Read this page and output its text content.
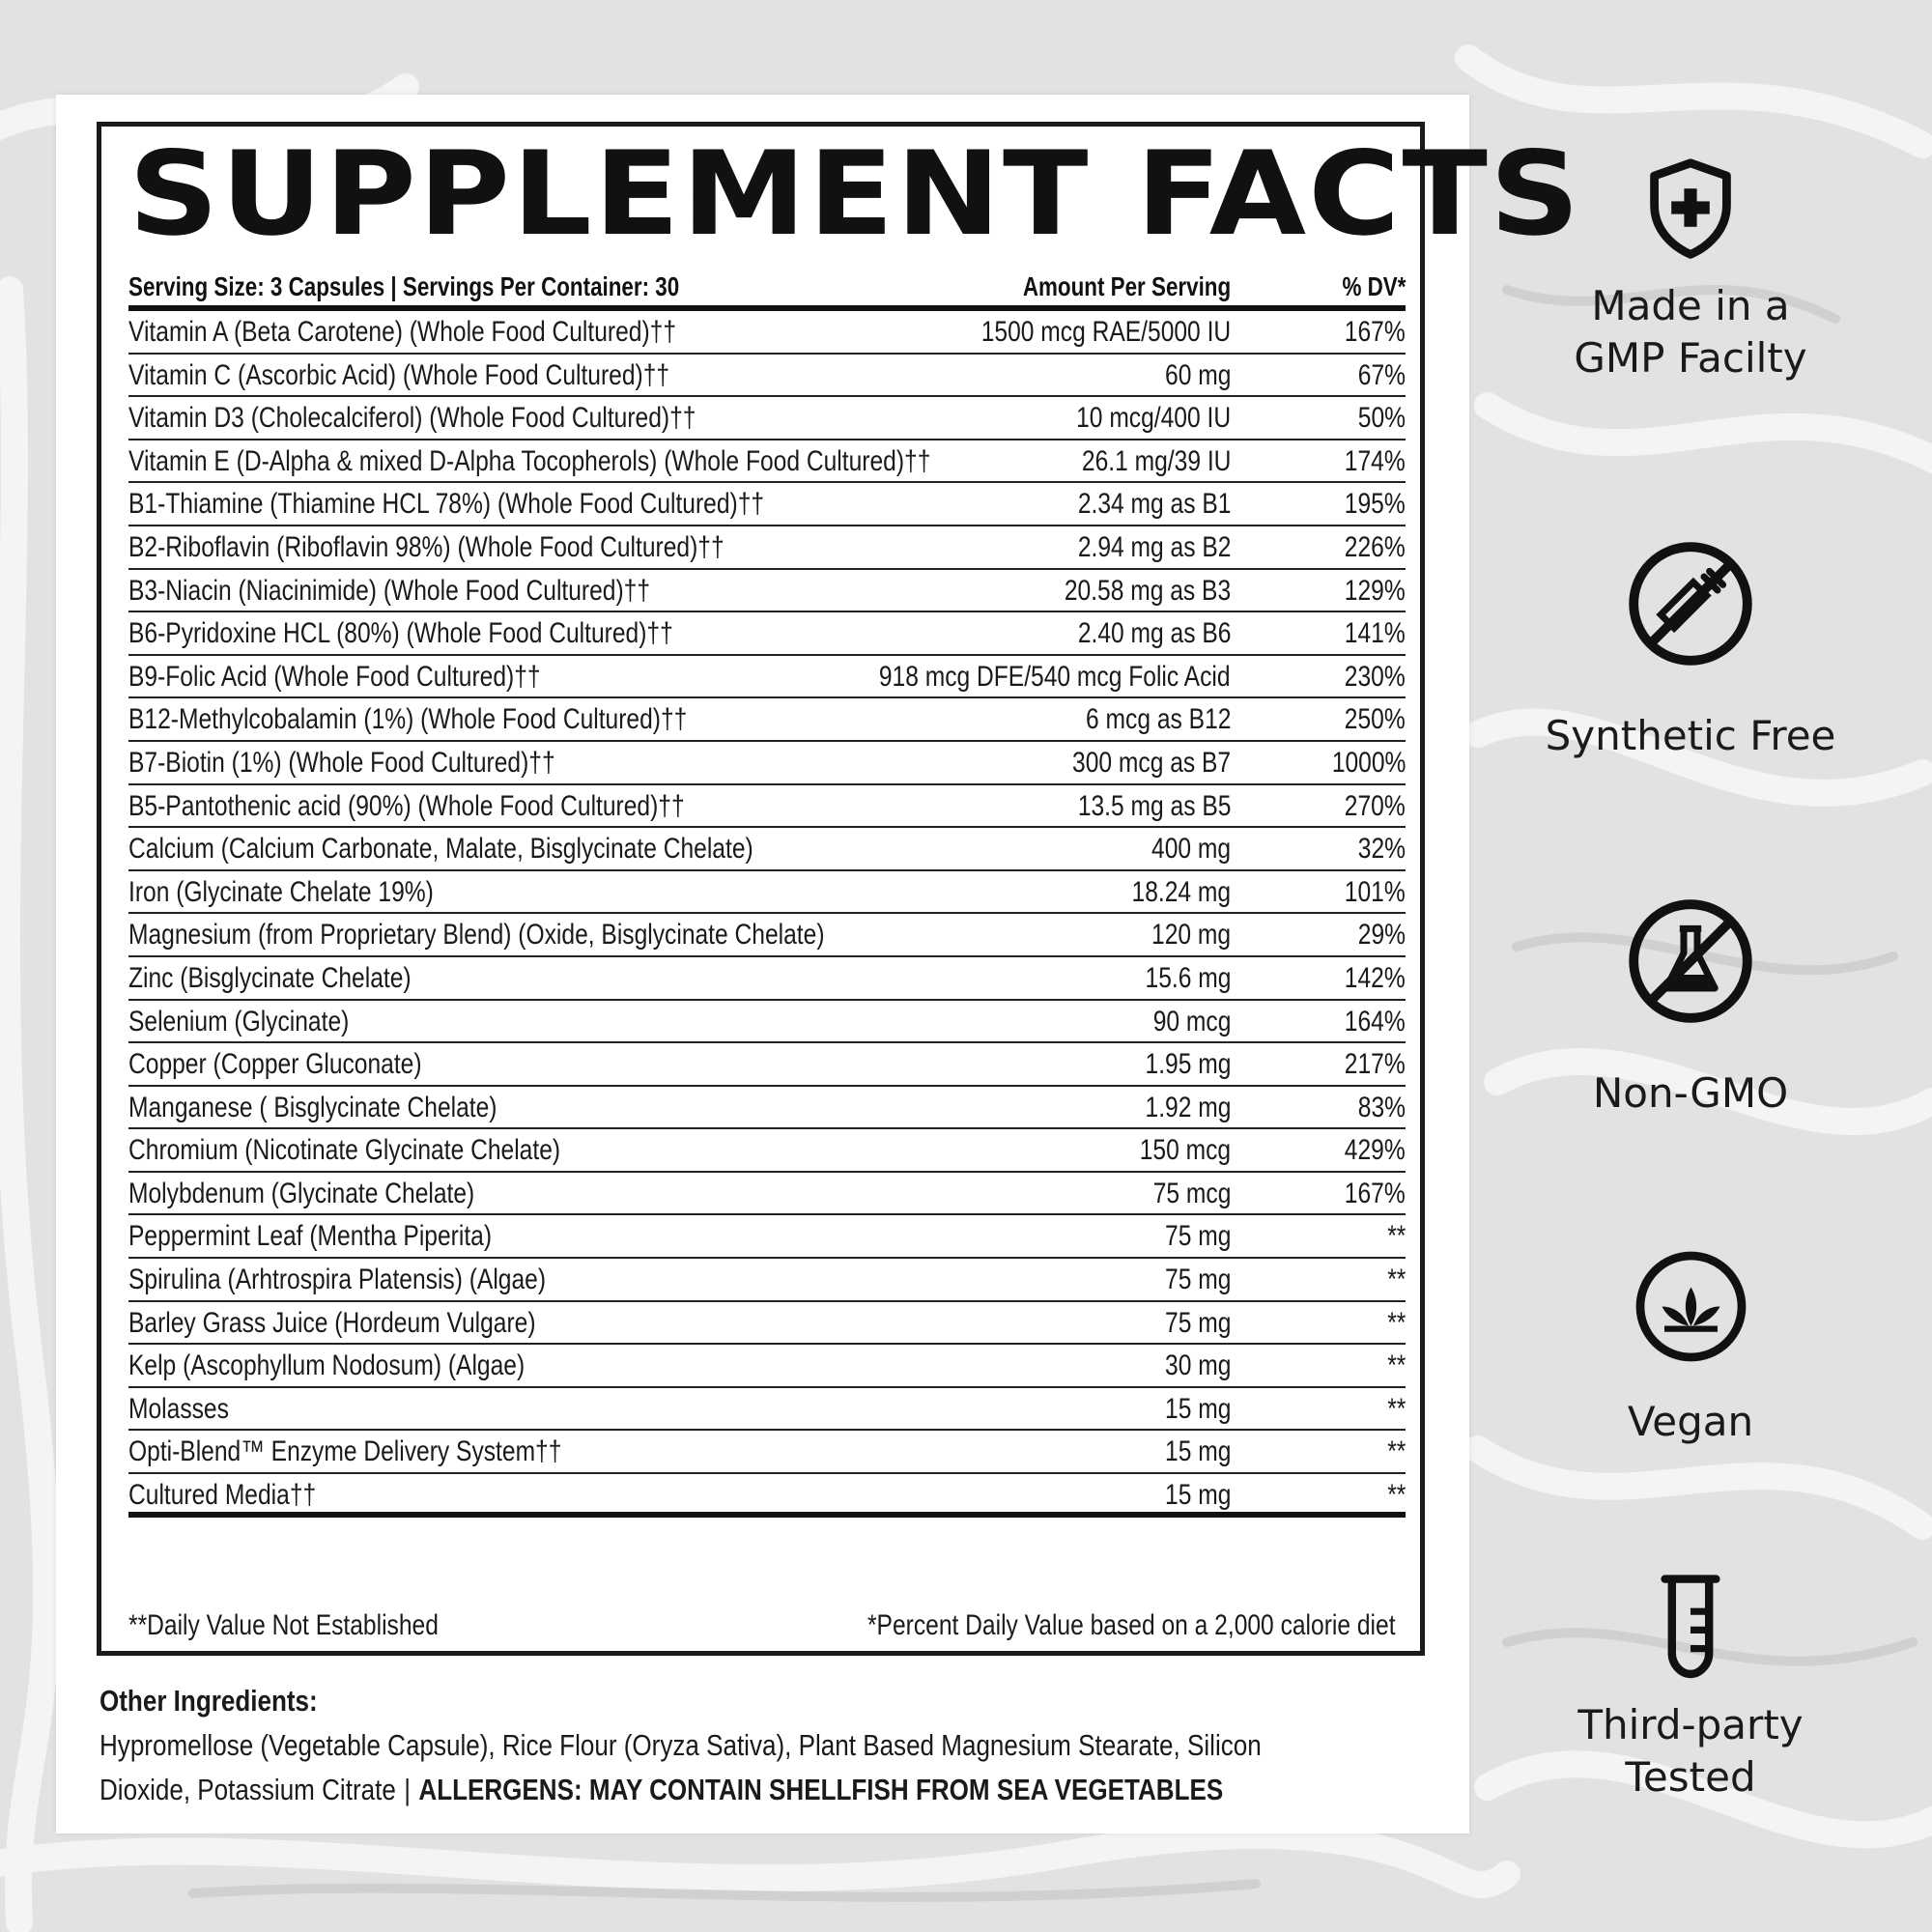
SUPPLEMENT FACTS
Serving Size: 3 Capsules | Servings Per Container: 30	Amount Per Serving	% DV*
Vitamin A (Beta Carotene) (Whole Food Cultured)††	1500 mcg RAE/5000 IU	167%
Vitamin C (Ascorbic Acid) (Whole Food Cultured)††	60 mg	67%
Vitamin D3 (Cholecalciferol) (Whole Food Cultured)††	10 mcg/400 IU	50%
Vitamin E (D-Alpha & mixed D-Alpha Tocopherols) (Whole Food Cultured)††	26.1 mg/39 IU	174%
B1-Thiamine (Thiamine HCL 78%) (Whole Food Cultured)††	2.34 mg as B1	195%
B2-Riboflavin (Riboflavin 98%) (Whole Food Cultured)††	2.94 mg as B2	226%
B3-Niacin (Niacinimide) (Whole Food Cultured)††	20.58 mg as B3	129%
B6-Pyridoxine HCL (80%) (Whole Food Cultured)††	2.40 mg as B6	141%
B9-Folic Acid (Whole Food Cultured)††	918 mcg DFE/540 mcg Folic Acid	230%
B12-Methylcobalamin (1%) (Whole Food Cultured)††	6 mcg as B12	250%
B7-Biotin (1%) (Whole Food Cultured)††	300 mcg as B7	1000%
B5-Pantothenic acid (90%) (Whole Food Cultured)††	13.5 mg as B5	270%
Calcium (Calcium Carbonate, Malate, Bisglycinate Chelate)	400 mg	32%
Iron (Glycinate Chelate 19%)	18.24 mg	101%
Magnesium (from Proprietary Blend) (Oxide, Bisglycinate Chelate)	120 mg	29%
Zinc (Bisglycinate Chelate)	15.6 mg	142%
Selenium (Glycinate)	90 mcg	164%
Copper (Copper Gluconate)	1.95 mg	217%
Manganese ( Bisglycinate Chelate)	1.92 mg	83%
Chromium (Nicotinate Glycinate Chelate)	150 mcg	429%
Molybdenum (Glycinate Chelate)	75 mcg	167%
Peppermint Leaf (Mentha Piperita)	75 mg	**
Spirulina (Arhtrospira Platensis) (Algae)	75 mg	**
Barley Grass Juice (Hordeum Vulgare)	75 mg	**
Kelp (Ascophyllum Nodosum) (Algae)	30 mg	**
Molasses	15 mg	**
Opti-Blend™ Enzyme Delivery System††	15 mg	**
Cultured Media††	15 mg	**
**Daily Value Not Established	*Percent Daily Value based on a 2,000 calorie diet
Other Ingredients:
Hypromellose (Vegetable Capsule), Rice Flour (Oryza Sativa), Plant Based Magnesium Stearate, Silicon
Dioxide, Potassium Citrate | ALLERGENS: MAY CONTAIN SHELLFISH FROM SEA VEGETABLES
Made in a
GMP Facilty
Synthetic Free
Non-GMO
Vegan
Third-party
Tested
